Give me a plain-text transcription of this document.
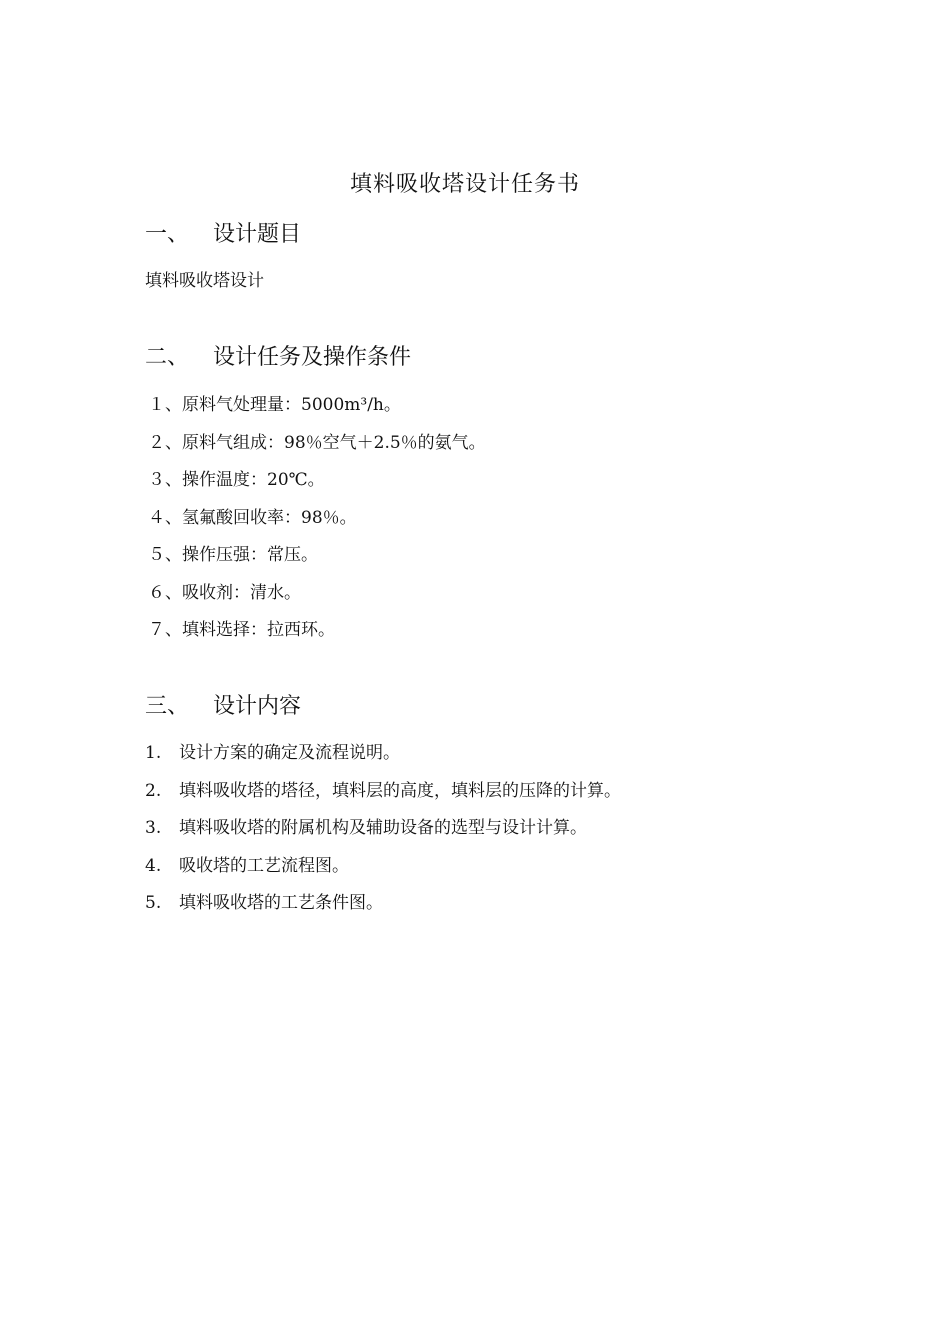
填料吸收塔设计任务书
一、 设计题目
填料吸收塔设计
二、 设计任务及操作条件
１、原料气处理量：5000m³/h。
２、原料气组成：98％空气＋2.5％的氨气。
３、操作温度：20℃。
４、氢氟酸回收率：98％。
５、操作压强：常压。
６、吸收剂：清水。
７、填料选择：拉西环。
三、 设计内容
1. 设计方案的确定及流程说明。
2. 填料吸收塔的塔径，填料层的高度，填料层的压降的计算。
3. 填料吸收塔的附属机构及辅助设备的选型与设计计算。
4. 吸收塔的工艺流程图。
5. 填料吸收塔的工艺条件图。
